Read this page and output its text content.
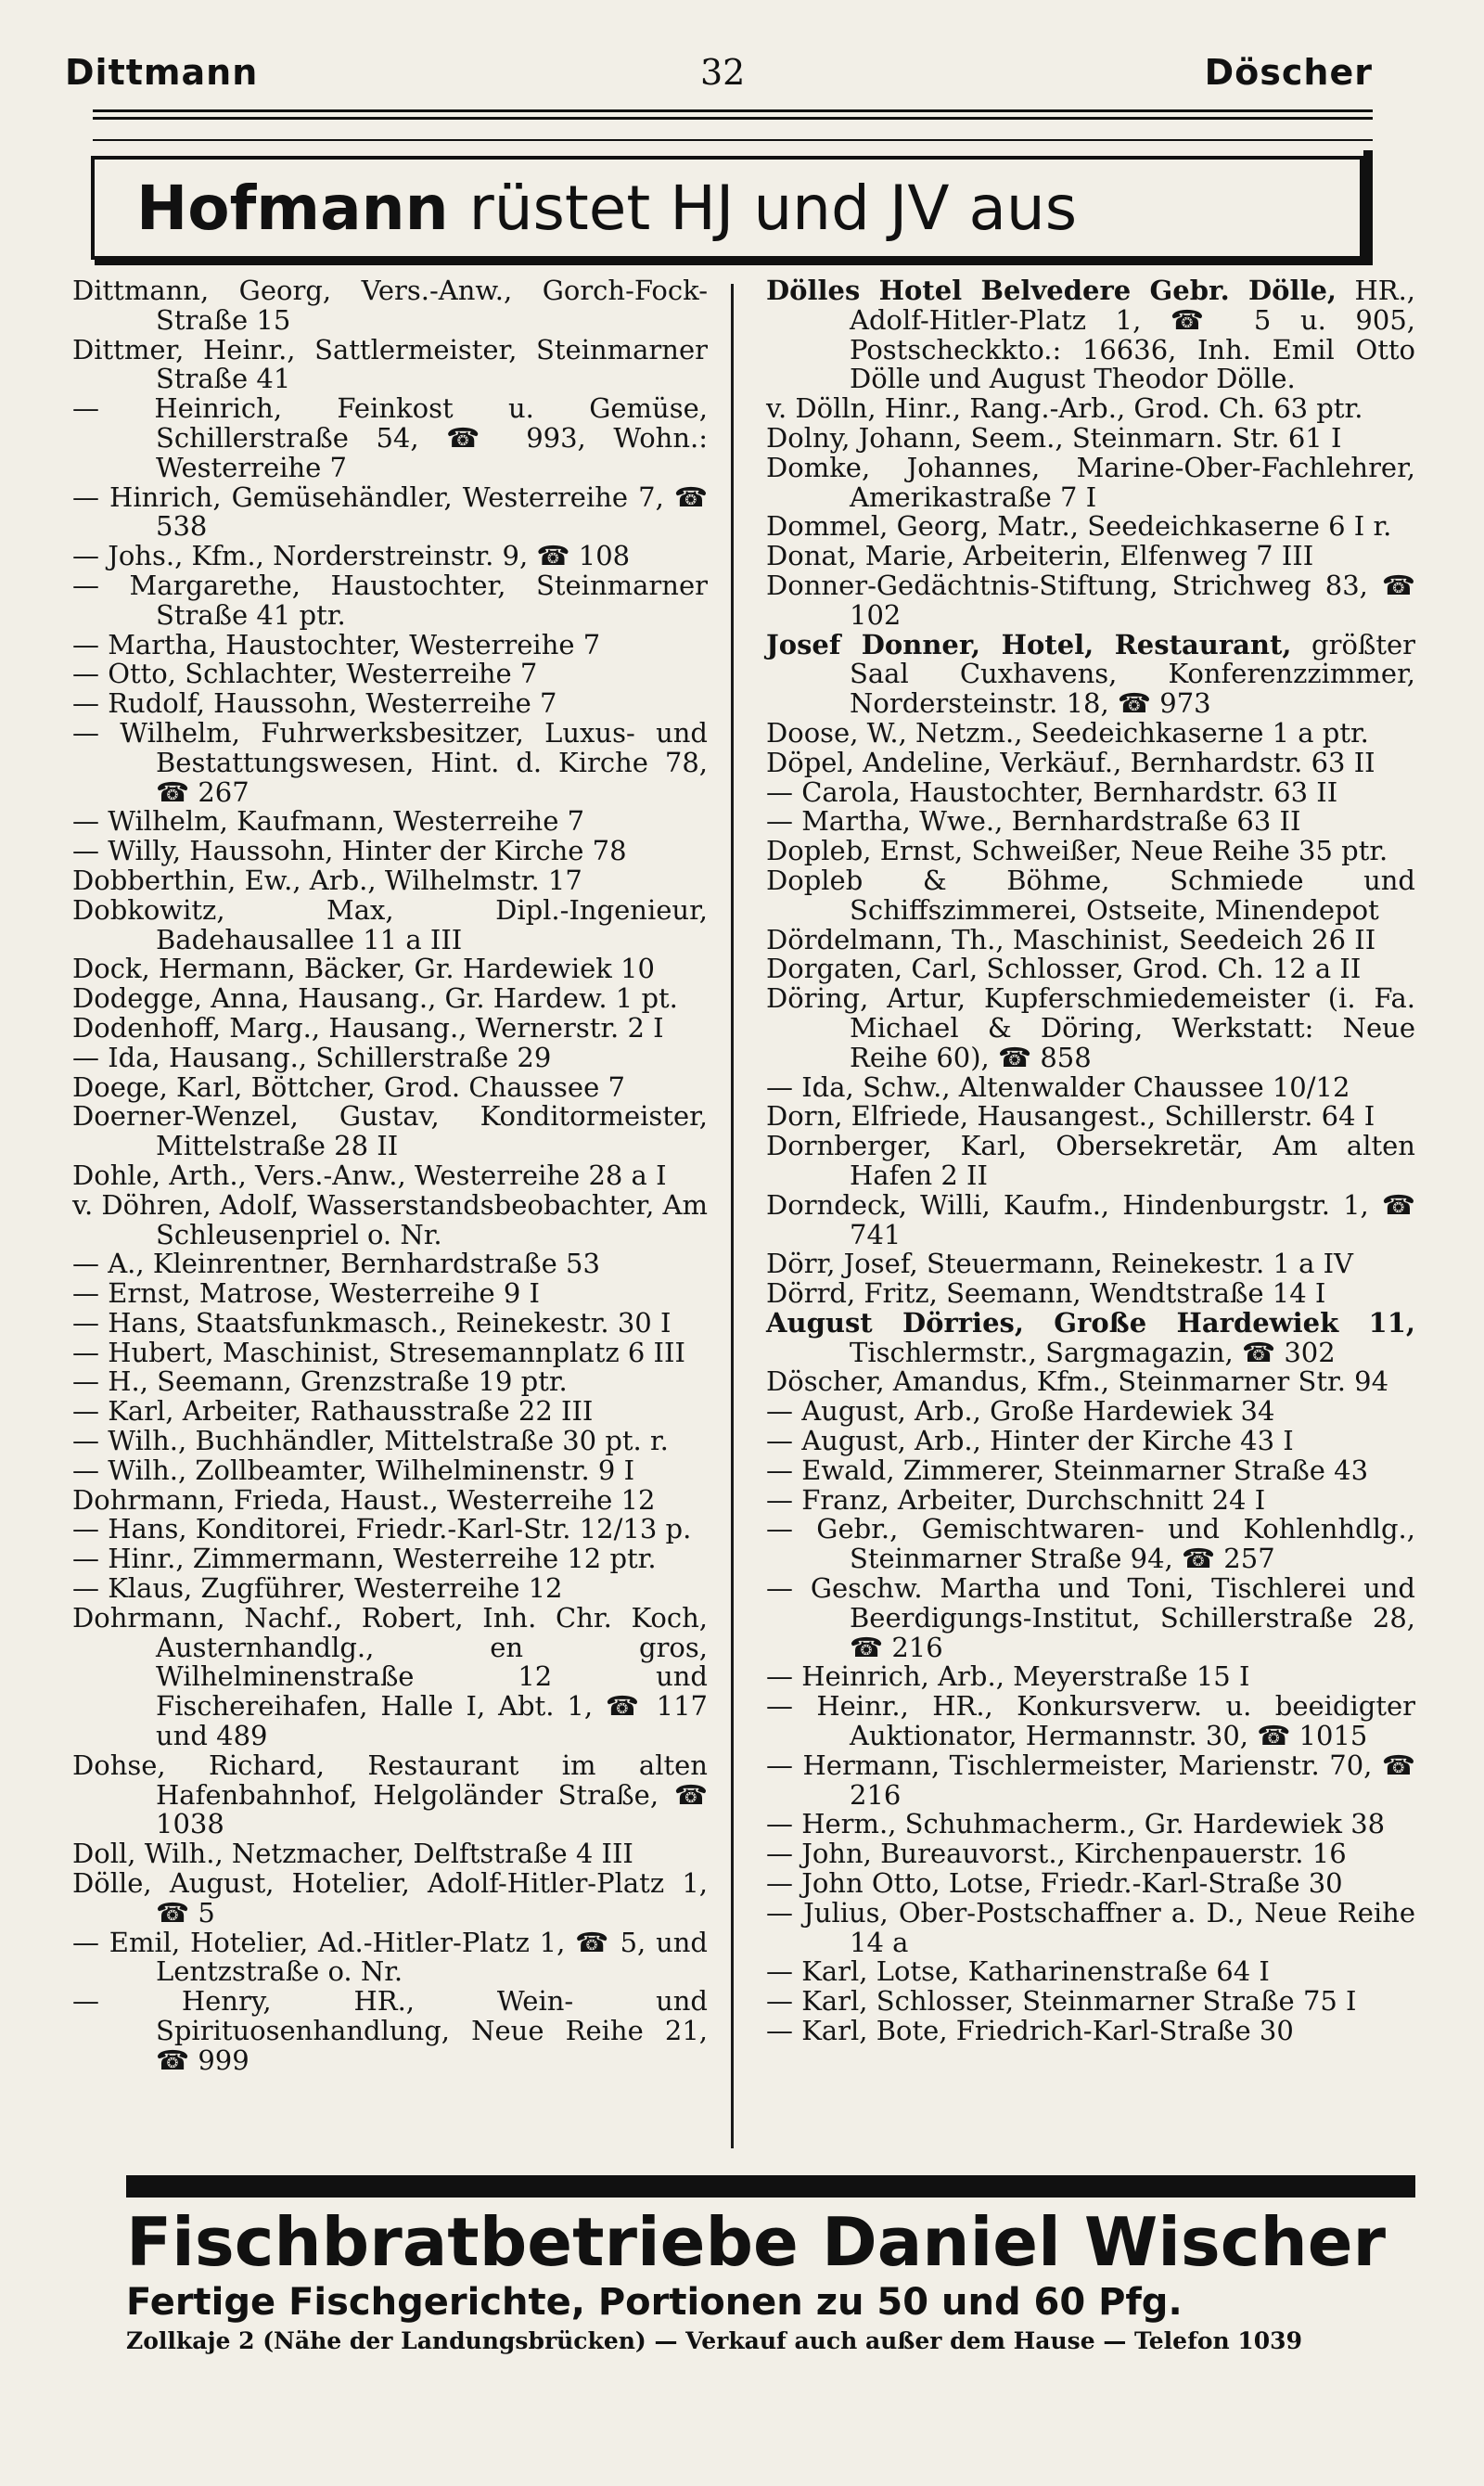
Dittmann	32	Döscher
Hofmann rüstet HJ und JV aus

Dittmann, Georg, Vers.-Anw., Gorch-Fock-Straße 15

Dittmer, Heinr., Sattlermeister, Steinmarner Straße 41

— Heinrich, Feinkost u. Gemüse, Schillerstraße 54, ☎ 993, Wohn.: Westerreihe 7

— Hinrich, Gemüsehändler, Westerreihe 7, ☎ 538

— Johs., Kfm., Norderstreinstr. 9, ☎ 108

— Margarethe, Haustochter, Steinmarner Straße 41 ptr.

— Martha, Haustochter, Westerreihe 7

— Otto, Schlachter, Westerreihe 7

— Rudolf, Haussohn, Westerreihe 7

— Wilhelm, Fuhrwerksbesitzer, Luxus- und Bestattungswesen, Hint. d. Kirche 78, ☎ 267

— Wilhelm, Kaufmann, Westerreihe 7

— Willy, Haussohn, Hinter der Kirche 78

Dobberthin, Ew., Arb., Wilhelmstr. 17

Dobkowitz, Max, Dipl.-Ingenieur, Badehausallee 11 a III

Dock, Hermann, Bäcker, Gr. Hardewiek 10

Dodegge, Anna, Hausang., Gr. Hardew. 1 pt.

Dodenhoff, Marg., Hausang., Wernerstr. 2 I

— Ida, Hausang., Schillerstraße 29

Doege, Karl, Böttcher, Grod. Chaussee 7

Doerner-Wenzel, Gustav, Konditormeister, Mittelstraße 28 II

Dohle, Arth., Vers.-Anw., Westerreihe 28 a I

v. Döhren, Adolf, Wasserstandsbeobachter, Am Schleusenpriel o. Nr.

— A., Kleinrentner, Bernhardstraße 53

— Ernst, Matrose, Westerreihe 9 I

— Hans, Staatsfunkmasch., Reinekestr. 30 I

— Hubert, Maschinist, Stresemannplatz 6 III

— H., Seemann, Grenzstraße 19 ptr.

— Karl, Arbeiter, Rathausstraße 22 III

— Wilh., Buchhändler, Mittelstraße 30 pt. r.

— Wilh., Zollbeamter, Wilhelminenstr. 9 I

Dohrmann, Frieda, Haust., Westerreihe 12

— Hans, Konditorei, Friedr.-Karl-Str. 12/13 p.

— Hinr., Zimmermann, Westerreihe 12 ptr.

— Klaus, Zugführer, Westerreihe 12

Dohrmann, Nachf., Robert, Inh. Chr. Koch, Austernhandlg., en gros, Wilhelminenstraße 12 und Fischereihafen, Halle I, Abt. 1, ☎ 117 und 489

Dohse, Richard, Restaurant im alten Hafenbahnhof, Helgoländer Straße, ☎ 1038

Doll, Wilh., Netzmacher, Delftstraße 4 III

Dölle, August, Hotelier, Adolf-Hitler-Platz 1, ☎ 5

— Emil, Hotelier, Ad.-Hitler-Platz 1, ☎ 5, und Lentzstraße o. Nr.

— Henry, HR., Wein- und Spirituosenhandlung, Neue Reihe 21, ☎ 999

Dölles Hotel Belvedere Gebr. Dölle, HR., Adolf-Hitler-Platz 1, ☎ 5 u. 905, Postscheckkto.: 16636, Inh. Emil Otto Dölle und August Theodor Dölle.

v. Dölln, Hinr., Rang.-Arb., Grod. Ch. 63 ptr.

Dolny, Johann, Seem., Steinmarn. Str. 61 I

Domke, Johannes, Marine-Ober-Fachlehrer, Amerikastraße 7 I

Dommel, Georg, Matr., Seedeichkaserne 6 I r.

Donat, Marie, Arbeiterin, Elfenweg 7 III

Donner-Gedächtnis-Stiftung, Strichweg 83, ☎ 102

Josef Donner, Hotel, Restaurant, größter Saal Cuxhavens, Konferenzzimmer, Nordersteinstr. 18, ☎ 973

Doose, W., Netzm., Seedeichkaserne 1 a ptr.

Döpel, Andeline, Verkäuf., Bernhardstr. 63 II

— Carola, Haustochter, Bernhardstr. 63 II

— Martha, Wwe., Bernhardstraße 63 II

Dopleb, Ernst, Schweißer, Neue Reihe 35 ptr.

Dopleb & Böhme, Schmiede und Schiffszimmerei, Ostseite, Minendepot

Dördelmann, Th., Maschinist, Seedeich 26 II

Dorgaten, Carl, Schlosser, Grod. Ch. 12 a II

Döring, Artur, Kupferschmiedemeister (i. Fa. Michael & Döring, Werkstatt: Neue Reihe 60), ☎ 858

— Ida, Schw., Altenwalder Chaussee 10/12

Dorn, Elfriede, Hausangest., Schillerstr. 64 I

Dornberger, Karl, Obersekretär, Am alten Hafen 2 II

Dorndeck, Willi, Kaufm., Hindenburgstr. 1, ☎ 741

Dörr, Josef, Steuermann, Reinekestr. 1 a IV

Dörrd, Fritz, Seemann, Wendtstraße 14 I

August Dörries, Große Hardewiek 11, Tischlermstr., Sargmagazin, ☎ 302

Döscher, Amandus, Kfm., Steinmarner Str. 94

— August, Arb., Große Hardewiek 34

— August, Arb., Hinter der Kirche 43 I

— Ewald, Zimmerer, Steinmarner Straße 43

— Franz, Arbeiter, Durchschnitt 24 I

— Gebr., Gemischtwaren- und Kohlenhdlg., Steinmarner Straße 94, ☎ 257

— Geschw. Martha und Toni, Tischlerei und Beerdigungs-Institut, Schillerstraße 28, ☎ 216

— Heinrich, Arb., Meyerstraße 15 I

— Heinr., HR., Konkursverw. u. beeidigter Auktionator, Hermannstr. 30, ☎ 1015

— Hermann, Tischlermeister, Marienstr. 70, ☎ 216

— Herm., Schuhmacherm., Gr. Hardewiek 38

— John, Bureauvorst., Kirchenpauerstr. 16

— John Otto, Lotse, Friedr.-Karl-Straße 30

— Julius, Ober-Postschaffner a. D., Neue Reihe 14 a

— Karl, Lotse, Katharinenstraße 64 I

— Karl, Schlosser, Steinmarner Straße 75 I

— Karl, Bote, Friedrich-Karl-Straße 30

Fischbratbetriebe Daniel Wischer
Fertige Fischgerichte, Portionen zu 50 und 60 Pfg.
Zollkaje 2 (Nähe der Landungsbrücken) — Verkauf auch außer dem Hause — Telefon 1039
